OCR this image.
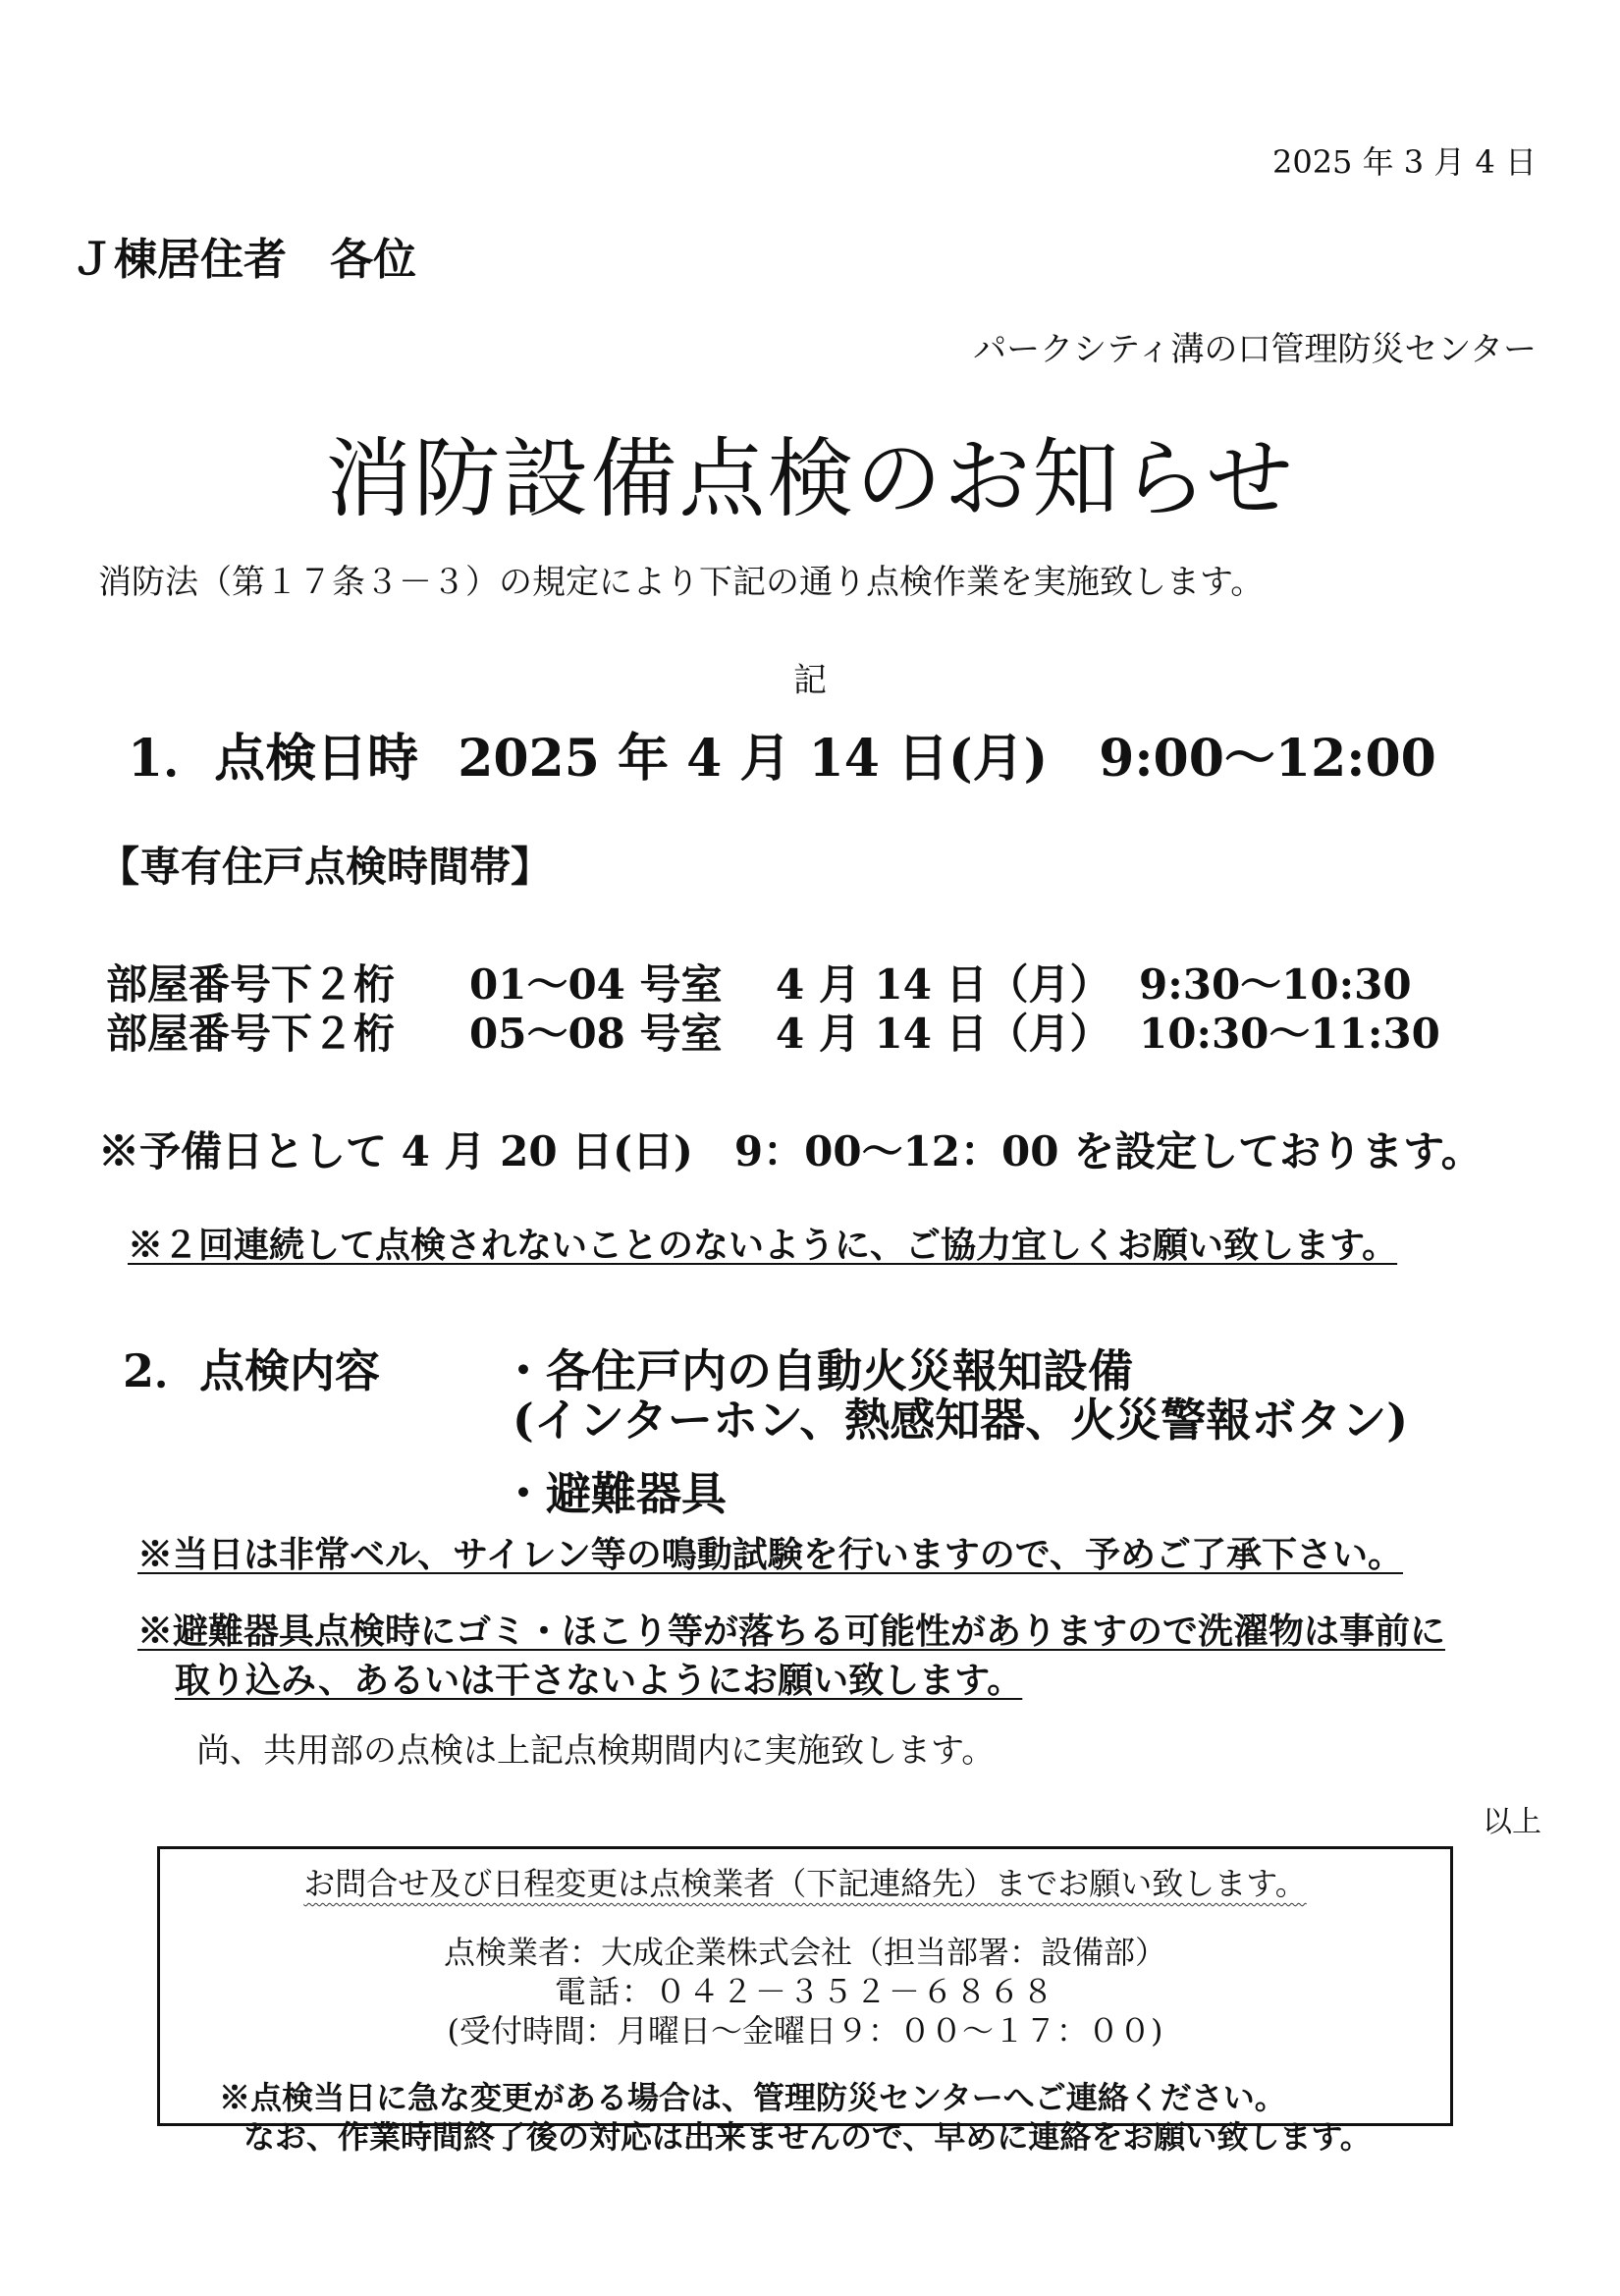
2025 年 3 月 4 日
Ｊ棟居住者　各位
パークシティ溝の口管理防災センター
消防設備点検のお知らせ
消防法（第１７条３－３）の規定により下記の通り点検作業を実施致します。
記
1．点検日時 2025 年 4 月 14 日(月)　9:00～12:00
【専有住戸点検時間帯】
部屋番号下２桁 01～04 号室 4 月 14 日（月） 9:30～10:30
部屋番号下２桁 05～08 号室 4 月 14 日（月） 10:30～11:30
※予備日として 4 月 20 日(日)　9：00～12：00 を設定しております。
※２回連続して点検されないことのないように、ご協力宜しくお願い致します。
2．点検内容	・各住戸内の自動火災報知設備
(インターホン、熱感知器、火災警報ボタン)
・避難器具
※当日は非常ベル、サイレン等の鳴動試験を行いますので、予めご了承下さい。
※避難器具点検時にゴミ・ほこり等が落ちる可能性がありますので洗濯物は事前に
取り込み、あるいは干さないようにお願い致します。
尚、共用部の点検は上記点検期間内に実施致します。
以上
お問合せ及び日程変更は点検業者（下記連絡先）までお願い致します。
点検業者：大成企業株式会社（担当部署：設備部）
電話：０４２－３５２－６８６８
(受付時間：月曜日～金曜日９：００～１７：００)
※点検当日に急な変更がある場合は、管理防災センターへご連絡ください。
なお、作業時間終了後の対応は出来ませんので、早めに連絡をお願い致します。
